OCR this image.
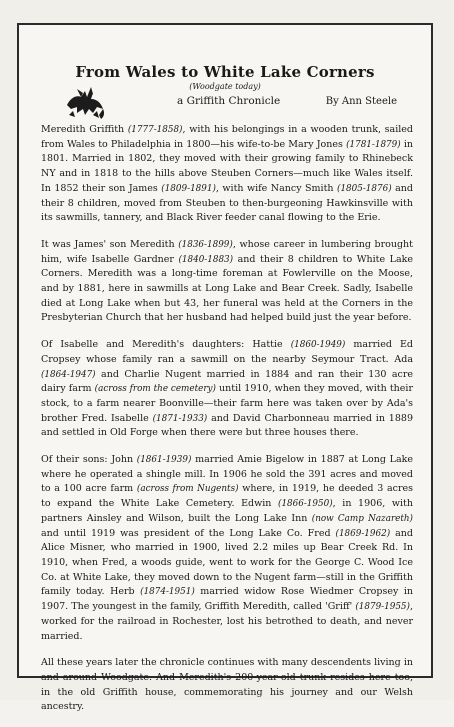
From Wales to White Lake Corners
(Woodgate today)
a Griffith Chronicle	By Ann Steele

Meredith Griffith (1777-1858), with his belongings in a wooden trunk, sailed from Wales to Philadelphia in 1800—his wife-to-be Mary Jones (1781-1879) in 1801. Married in 1802, they moved with their growing family to Rhinebeck NY and in 1818 to the hills above Steuben Corners—much like Wales itself. In 1852 their son James (1809-1891), with wife Nancy Smith (1805-1876) and their 8 children, moved from Steuben to then-burgeoning Hawkinsville with its sawmills, tannery, and Black River feeder canal flowing to the Erie.

It was James' son Meredith (1836-1899), whose career in lumbering brought him, wife Isabelle Gardner (1840-1883) and their 8 children to White Lake Corners. Meredith was a long-time foreman at Fowlerville on the Moose, and by 1881, here in sawmills at Long Lake and Bear Creek. Sadly, Isabelle died at Long Lake when but 43, her funeral was held at the Corners in the Presbyterian Church that her husband had helped build just the year before.

Of Isabelle and Meredith's daughters: Hattie (1860-1949) married Ed Cropsey whose family ran a sawmill on the nearby Seymour Tract. Ada (1864-1947) and Charlie Nugent married in 1884 and ran their 130 acre dairy farm (across from the cemetery) until 1910, when they moved, with their stock, to a farm nearer Boonville—their farm here was taken over by Ada's brother Fred. Isabelle (1871-1933) and David Charbonneau married in 1889 and settled in Old Forge when there were but three houses there.

Of their sons: John (1861-1939) married Amie Bigelow in 1887 at Long Lake where he operated a shingle mill. In 1906 he sold the 391 acres and moved to a 100 acre farm (across from Nugents) where, in 1919, he deeded 3 acres to expand the White Lake Cemetery. Edwin (1866-1950), in 1906, with partners Ainsley and Wilson, built the Long Lake Inn (now Camp Nazareth) and until 1919 was president of the Long Lake Co. Fred (1869-1962) and Alice Misner, who married in 1900, lived 2.2 miles up Bear Creek Rd. In 1910, when Fred, a woods guide, went to work for the George C. Wood Ice Co. at White Lake, they moved down to the Nugent farm—still in the Griffith family today. Herb (1874-1951) married widow Rose Wiedmer Cropsey in 1907. The youngest in the family, Griffith Meredith, called 'Griff' (1879-1955), worked for the railroad in Rochester, lost his betrothed to death, and never married.

All these years later the chronicle continues with many descendents living in and around Woodgate. And Meredith's 200-year-old trunk resides here too, in the old Griffith house, commemorating his journey and our Welsh ancestry.
